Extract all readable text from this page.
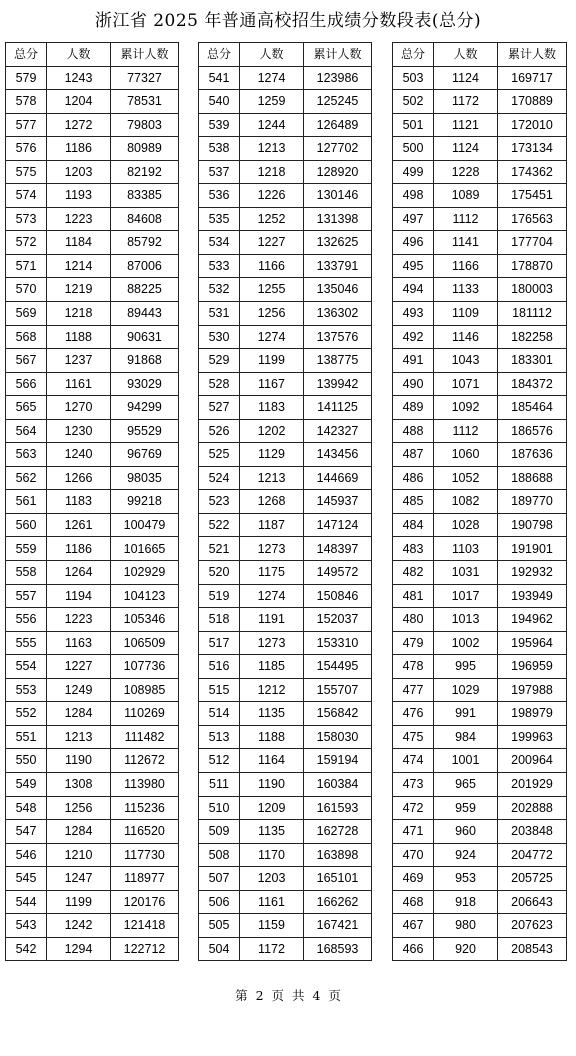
浙江省 2025 年普通高校招生成绩分数段表(总分)
总分	人数	累计人数
579	1243	77327
578	1204	78531
577	1272	79803
576	1186	80989
575	1203	82192
574	1193	83385
573	1223	84608
572	1184	85792
571	1214	87006
570	1219	88225
569	1218	89443
568	1188	90631
567	1237	91868
566	1161	93029
565	1270	94299
564	1230	95529
563	1240	96769
562	1266	98035
561	1183	99218
560	1261	100479
559	1186	101665
558	1264	102929
557	1194	104123
556	1223	105346
555	1163	106509
554	1227	107736
553	1249	108985
552	1284	110269
551	1213	111482
550	1190	112672
549	1308	113980
548	1256	115236
547	1284	116520
546	1210	117730
545	1247	118977
544	1199	120176
543	1242	121418
542	1294	122712
总分	人数	累计人数
541	1274	123986
540	1259	125245
539	1244	126489
538	1213	127702
537	1218	128920
536	1226	130146
535	1252	131398
534	1227	132625
533	1166	133791
532	1255	135046
531	1256	136302
530	1274	137576
529	1199	138775
528	1167	139942
527	1183	141125
526	1202	142327
525	1129	143456
524	1213	144669
523	1268	145937
522	1187	147124
521	1273	148397
520	1175	149572
519	1274	150846
518	1191	152037
517	1273	153310
516	1185	154495
515	1212	155707
514	1135	156842
513	1188	158030
512	1164	159194
511	1190	160384
510	1209	161593
509	1135	162728
508	1170	163898
507	1203	165101
506	1161	166262
505	1159	167421
504	1172	168593
总分	人数	累计人数
503	1124	169717
502	1172	170889
501	1121	172010
500	1124	173134
499	1228	174362
498	1089	175451
497	1112	176563
496	1141	177704
495	1166	178870
494	1133	180003
493	1109	181112
492	1146	182258
491	1043	183301
490	1071	184372
489	1092	185464
488	1112	186576
487	1060	187636
486	1052	188688
485	1082	189770
484	1028	190798
483	1103	191901
482	1031	192932
481	1017	193949
480	1013	194962
479	1002	195964
478	995	196959
477	1029	197988
476	991	198979
475	984	199963
474	1001	200964
473	965	201929
472	959	202888
471	960	203848
470	924	204772
469	953	205725
468	918	206643
467	980	207623
466	920	208543
第 2 页 共 4 页
